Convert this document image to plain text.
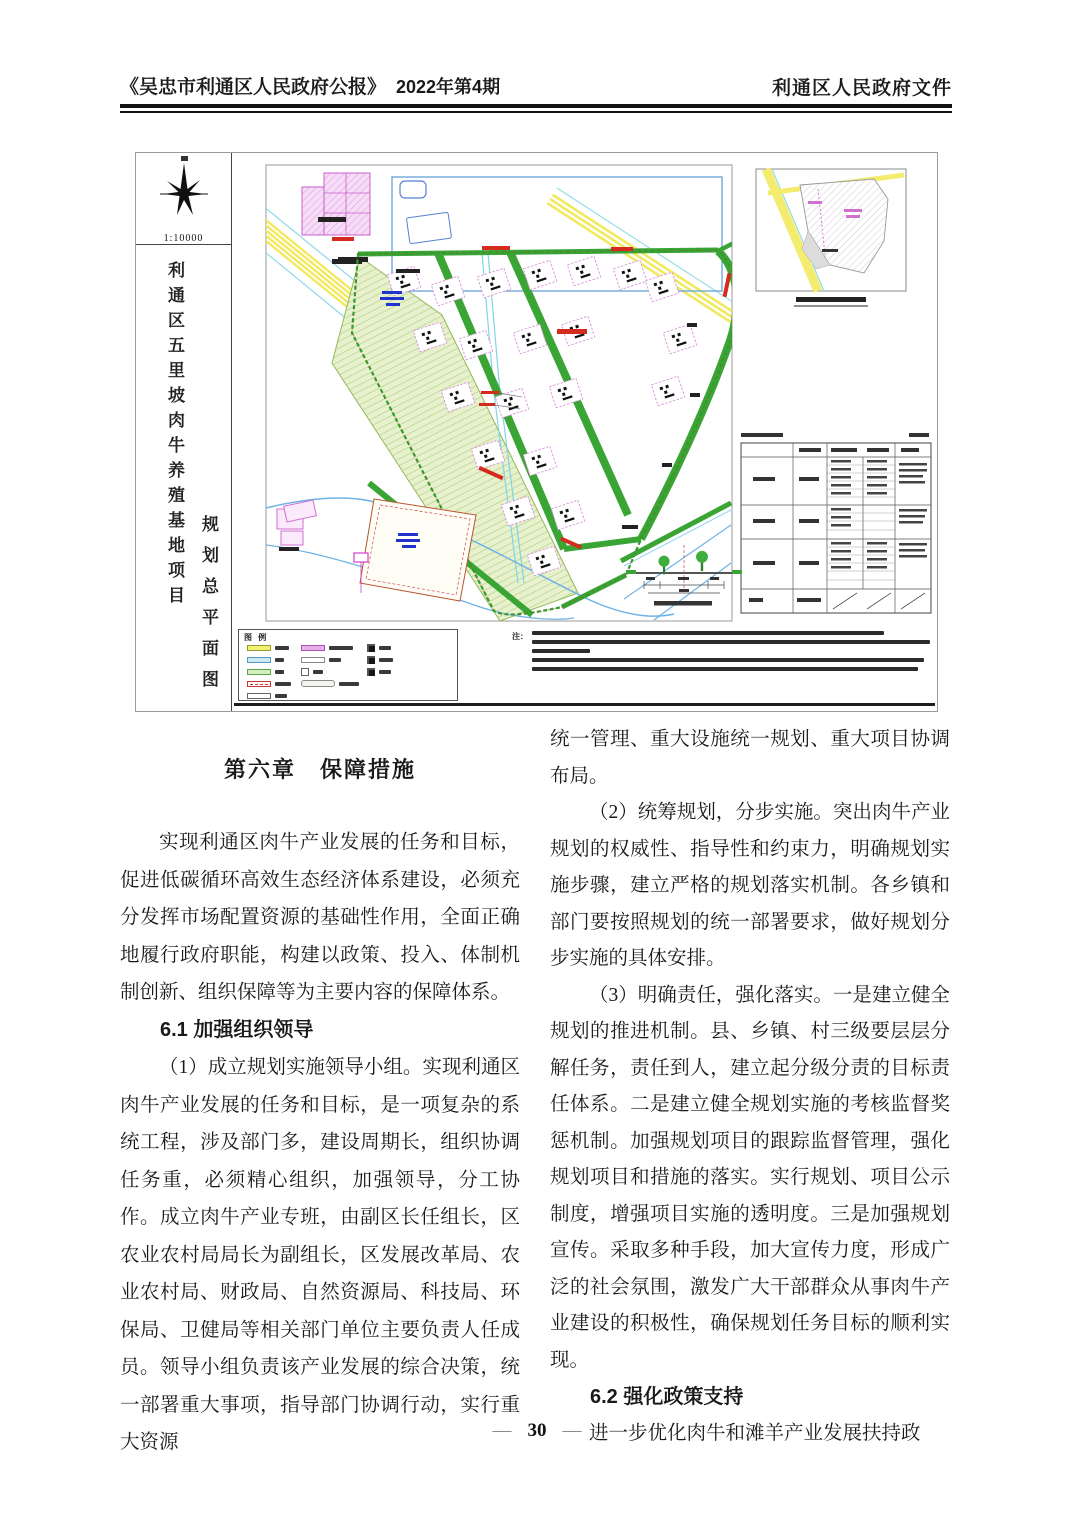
《吴忠市利通区人民政府公报》 2022年第4期	利通区人民政府文件
1:10000
利通区五里坡肉牛养殖基地项目 规划总平面图	图 例	注：
第六章　保障措施
实现利通区肉牛产业发展的任务和目标，促进低碳循环高效生态经济体系建设，必须充分发挥市场配置资源的基础性作用，全面正确地履行政府职能，构建以政策、投入、体制机制创新、组织保障等为主要内容的保障体系。
6.1 加强组织领导
（1）成立规划实施领导小组。实现利通区肉牛产业发展的任务和目标，是一项复杂的系统工程，涉及部门多，建设周期长，组织协调任务重，必须精心组织，加强领导，分工协作。成立肉牛产业专班，由副区长任组长，区农业农村局局长为副组长，区发展改革局、农业农村局、财政局、自然资源局、科技局、环保局、卫健局等相关部门单位主要负责人任成员。领导小组负责该产业发展的综合决策，统一部署重大事项，指导部门协调行动，实行重大资源
统一管理、重大设施统一规划、重大项目协调布局。
（2）统筹规划，分步实施。突出肉牛产业规划的权威性、指导性和约束力，明确规划实施步骤，建立严格的规划落实机制。各乡镇和部门要按照规划的统一部署要求，做好规划分步实施的具体安排。
（3）明确责任，强化落实。一是建立健全规划的推进机制。县、乡镇、村三级要层层分解任务，责任到人，建立起分级分责的目标责任体系。二是建立健全规划实施的考核监督奖惩机制。加强规划项目的跟踪监督管理，强化规划项目和措施的落实。实行规划、项目公示制度，增强项目实施的透明度。三是加强规划宣传。采取多种手段，加大宣传力度，形成广泛的社会氛围，激发广大干部群众从事肉牛产业建设的积极性，确保规划任务目标的顺利实现。
6.2 强化政策支持
进一步优化肉牛和滩羊产业发展扶持政
— 30 —
